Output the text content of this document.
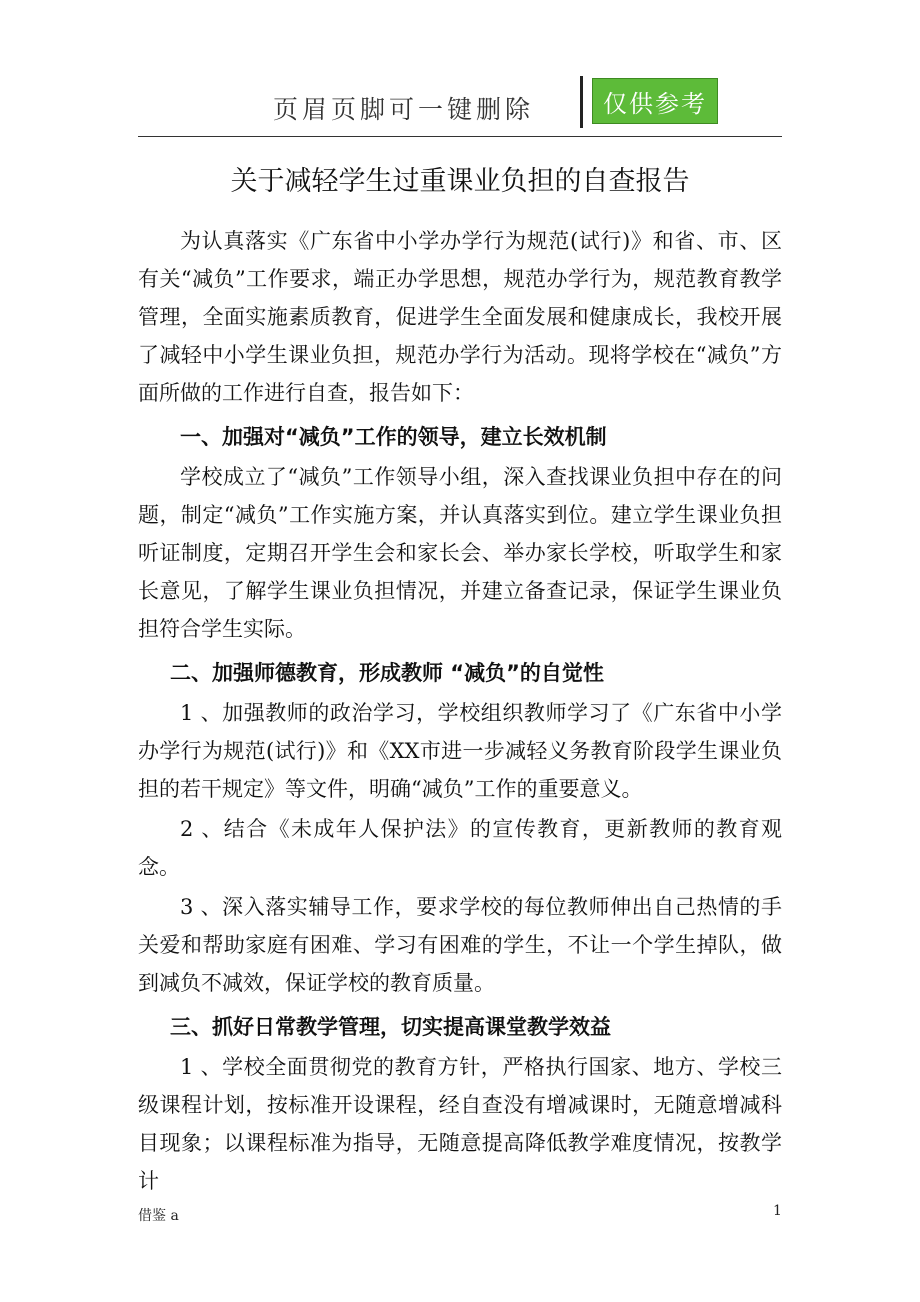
页眉页脚可一键删除	仅供参考
关于减轻学生过重课业负担的自查报告

为认真落实《广东省中小学办学行为规范(试行)》和省、市、区有关“减负”工作要求，端正办学思想，规范办学行为，规范教育教学管理，全面实施素质教育，促进学生全面发展和健康成长，我校开展了减轻中小学生课业负担，规范办学行为活动。现将学校在“减负”方面所做的工作进行自查，报告如下：

一、加强对“减负”工作的领导，建立长效机制

学校成立了“减负”工作领导小组，深入查找课业负担中存在的问题，制定“减负”工作实施方案，并认真落实到位。建立学生课业负担听证制度，定期召开学生会和家长会、举办家长学校，听取学生和家长意见，了解学生课业负担情况，并建立备查记录，保证学生课业负担符合学生实际。

二、加强师德教育，形成教师 “减负”的自觉性

1 、加强教师的政治学习，学校组织教师学习了《广东省中小学办学行为规范(试行)》和《XX市进一步减轻义务教育阶段学生课业负担的若干规定》等文件，明确“减负”工作的重要意义。

2 、结合《未成年人保护法》的宣传教育，更新教师的教育观念。

3 、深入落实辅导工作，要求学校的每位教师伸出自己热情的手关爱和帮助家庭有困难、学习有困难的学生，不让一个学生掉队，做到减负不减效，保证学校的教育质量。

三、抓好日常教学管理，切实提高课堂教学效益

1 、学校全面贯彻党的教育方针，严格执行国家、地方、学校三级课程计划，按标准开设课程，经自查没有增减课时，无随意增减科目现象；以课程标准为指导，无随意提高降低教学难度情况，按教学计

借鉴 a	1
